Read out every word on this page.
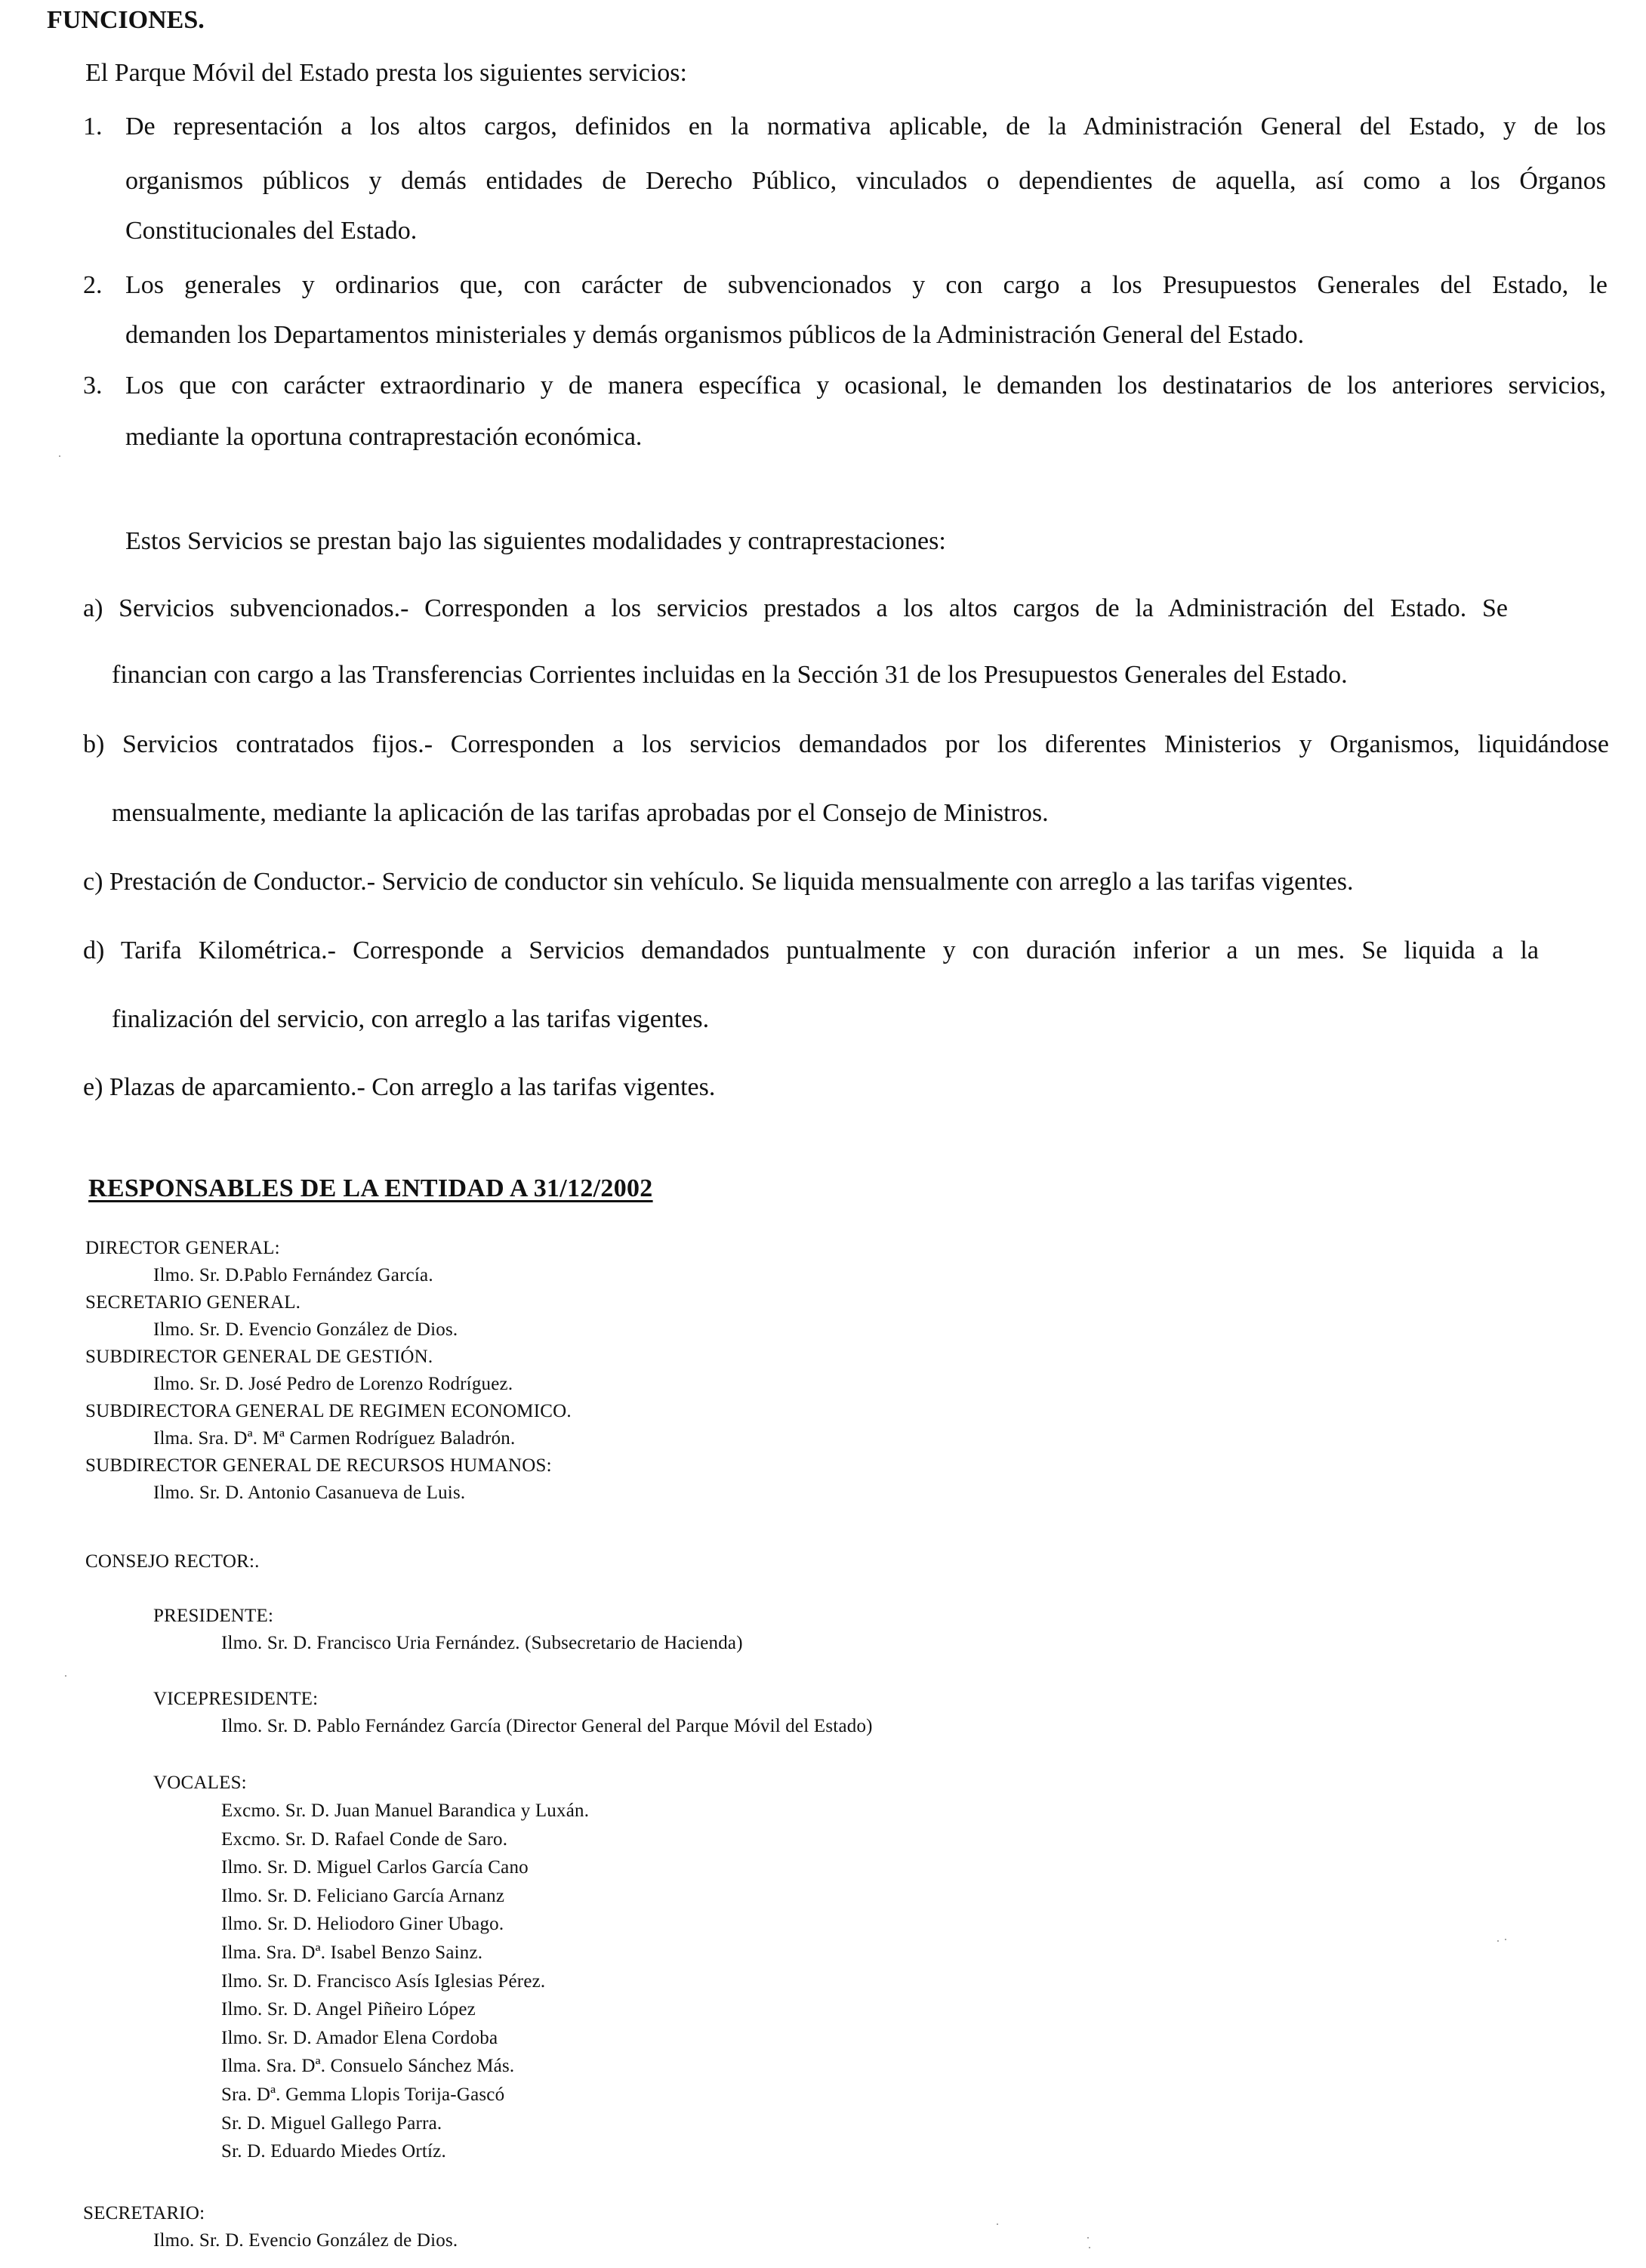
FUNCIONES.
El Parque Móvil del Estado presta los siguientes servicios:
1. De representación a los altos cargos, definidos en la normativa aplicable, de la Administración General del Estado, y de los
organismos públicos y demás entidades de Derecho Público, vinculados o dependientes de aquella, así como a los Órganos
Constitucionales del Estado.
2. Los generales y ordinarios que, con carácter de subvencionados y con cargo a los Presupuestos Generales del Estado, le
demanden los Departamentos ministeriales y demás organismos públicos de la Administración General del Estado.
3. Los que con carácter extraordinario y de manera específica y ocasional, le demanden los destinatarios de los anteriores servicios,
mediante la oportuna contraprestación económica.
Estos Servicios se prestan bajo las siguientes modalidades y contraprestaciones:
a) Servicios subvencionados.- Corresponden a los servicios prestados a los altos cargos de la Administración del Estado. Se
financian con cargo a las Transferencias Corrientes incluidas en la Sección 31 de los Presupuestos Generales del Estado.
b) Servicios contratados fijos.- Corresponden a los servicios demandados por los diferentes Ministerios y Organismos, liquidándose
mensualmente, mediante la aplicación de las tarifas aprobadas por el Consejo de Ministros.
c) Prestación de Conductor.- Servicio de conductor sin vehículo. Se liquida mensualmente con arreglo a las tarifas vigentes.
d) Tarifa Kilométrica.- Corresponde a Servicios demandados puntualmente y con duración inferior a un mes. Se liquida a la
finalización del servicio, con arreglo a las tarifas vigentes.
e) Plazas de aparcamiento.- Con arreglo a las tarifas vigentes.
RESPONSABLES DE LA ENTIDAD A 31/12/2002
DIRECTOR GENERAL:
Ilmo. Sr. D.Pablo Fernández García.
SECRETARIO GENERAL.
Ilmo. Sr. D. Evencio González de Dios.
SUBDIRECTOR GENERAL DE GESTIÓN.
Ilmo. Sr. D. José Pedro de Lorenzo Rodríguez.
SUBDIRECTORA GENERAL DE REGIMEN ECONOMICO.
Ilma. Sra. Dª. Mª Carmen Rodríguez Baladrón.
SUBDIRECTOR GENERAL DE RECURSOS HUMANOS:
Ilmo. Sr. D. Antonio Casanueva de Luis.
CONSEJO RECTOR:.
PRESIDENTE:
Ilmo. Sr. D. Francisco Uria Fernández. (Subsecretario de Hacienda)
VICEPRESIDENTE:
Ilmo. Sr. D. Pablo Fernández García (Director General del Parque Móvil del Estado)
VOCALES:
Excmo. Sr. D. Juan Manuel Barandica y Luxán.
Excmo. Sr. D. Rafael Conde de Saro.
Ilmo. Sr. D. Miguel Carlos García Cano
Ilmo. Sr. D. Feliciano García Arnanz
Ilmo. Sr. D. Heliodoro Giner Ubago.
Ilma. Sra. Dª. Isabel Benzo Sainz.
Ilmo. Sr. D. Francisco Asís Iglesias Pérez.
Ilmo. Sr. D. Angel Piñeiro López
Ilmo. Sr. D. Amador Elena Cordoba
Ilma. Sra. Dª. Consuelo Sánchez Más.
Sra. Dª. Gemma Llopis Torija-Gascó
Sr. D. Miguel Gallego Parra.
Sr. D. Eduardo Miedes Ortíz.
SECRETARIO:
Ilmo. Sr. D. Evencio González de Dios.
